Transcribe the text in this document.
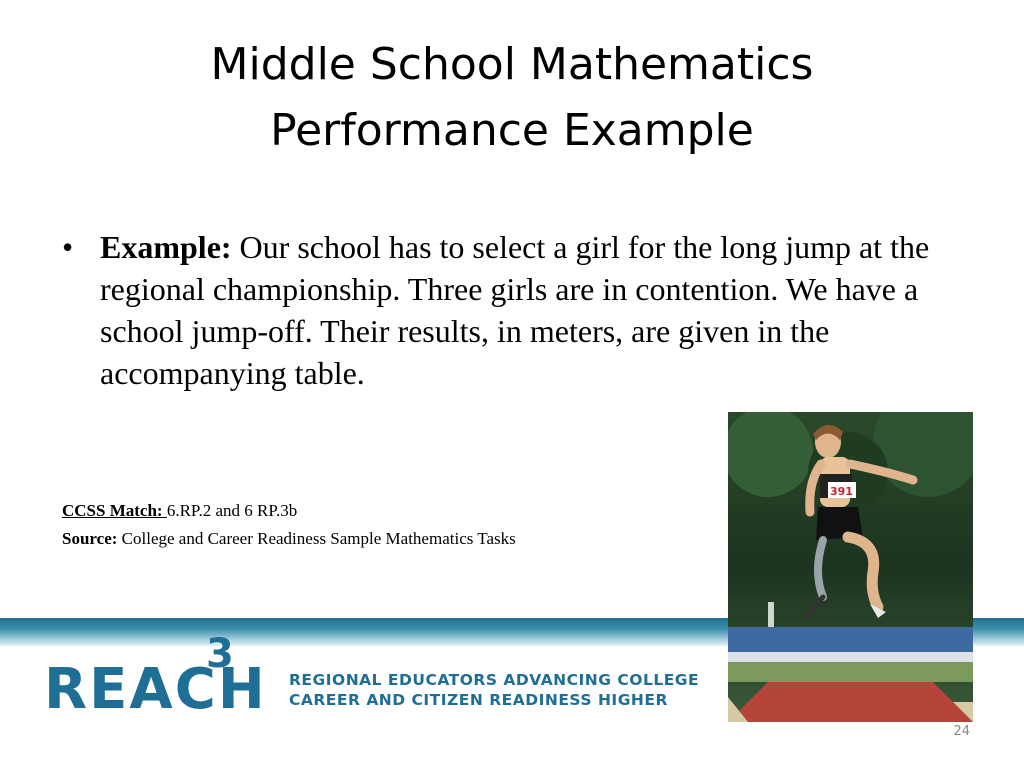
Middle School Mathematics
Performance Example
• Example: Our school has to select a girl for the long jump at the regional championship. Three girls are in contention. We have a school jump-off. Their results, in meters, are given in the accompanying table.
CCSS Match: 6.RP.2 and 6 RP.3b
Source: College and Career Readiness Sample Mathematics Tasks
REACH
3
REGIONAL EDUCATORS ADVANCING COLLEGE
CAREER AND CITIZEN READINESS HIGHER
391
24
